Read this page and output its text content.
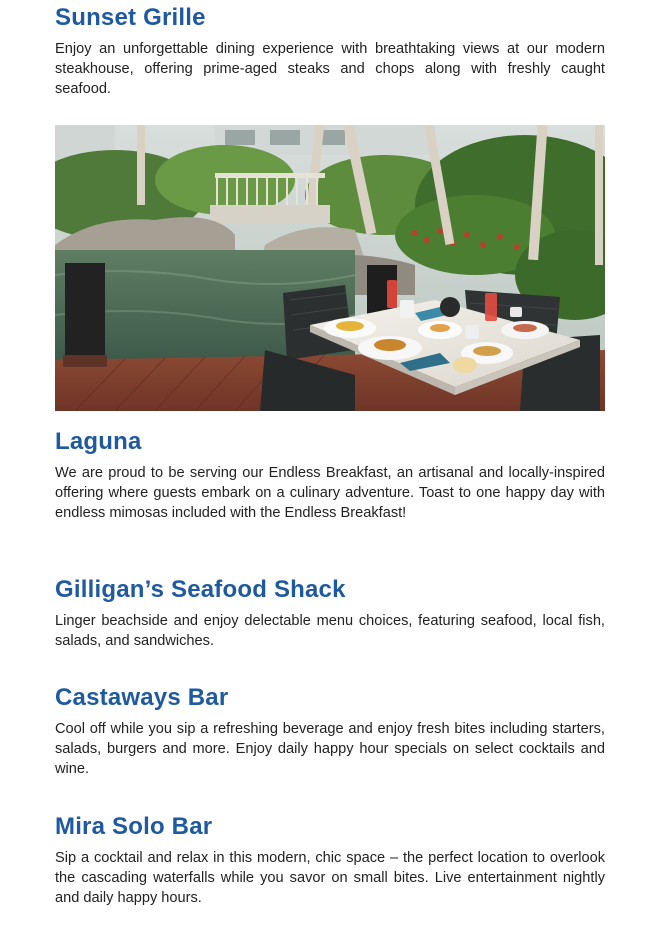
Sunset Grille

Enjoy an unforgettable dining experience with breathtaking views at our modern steakhouse, offering prime-aged steaks and chops along with freshly caught seafood.

Laguna

We are proud to be serving our Endless Breakfast, an artisanal and locally-inspired offering where guests embark on a culinary adventure. Toast to one happy day with endless mimosas included with the Endless Breakfast!

Gilligan’s Seafood Shack

Linger beachside and enjoy delectable menu choices, featuring seafood, local fish, salads, and sandwiches.

Castaways Bar

Cool off while you sip a refreshing beverage and enjoy fresh bites including starters, salads, burgers and more. Enjoy daily happy hour specials on select cocktails and wine.

Mira Solo Bar

Sip a cocktail and relax in this modern, chic space – the perfect location to overlook the cascading waterfalls while you savor on small bites. Live entertainment nightly and daily happy hours.
